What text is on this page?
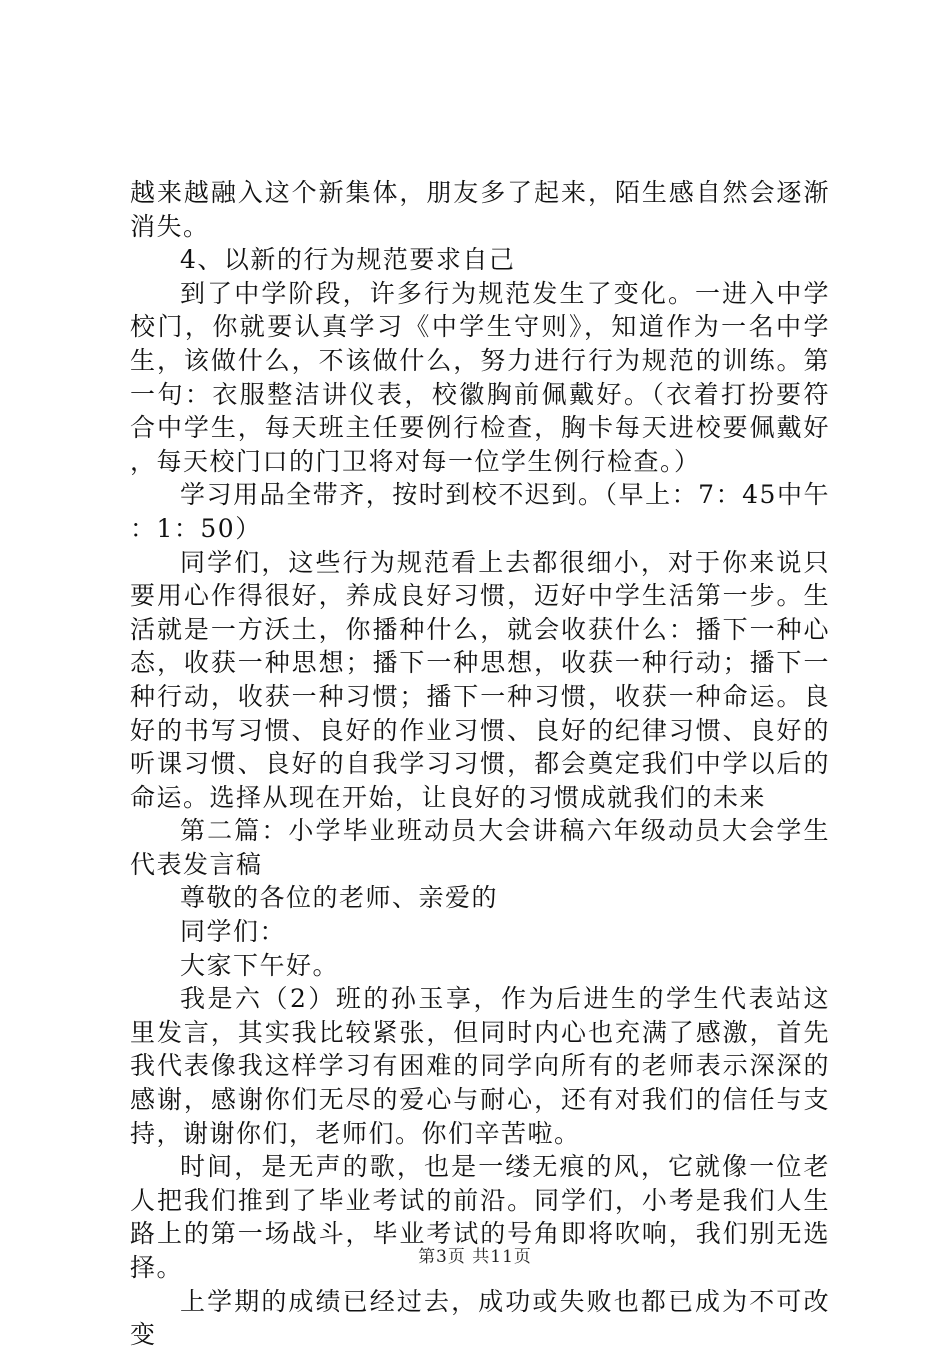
越来越融入这个新集体，朋友多了起来，陌生感自然会逐渐消失。

4、以新的行为规范要求自己

到了中学阶段，许多行为规范发生了变化。一进入中学校门，你就要认真学习《中学生守则》，知道作为一名中学生，该做什么，不该做什么，努力进行行为规范的训练。第一句：衣服整洁讲仪表，校徽胸前佩戴好。（衣着打扮要符合中学生，每天班主任要例行检查，胸卡每天进校要佩戴好，每天校门口的门卫将对每一位学生例行检查。）

学习用品全带齐，按时到校不迟到。（早上：7：45中午：1：50）

同学们，这些行为规范看上去都很细小，对于你来说只要用心作得很好，养成良好习惯，迈好中学生活第一步。生活就是一方沃土，你播种什么，就会收获什么：播下一种心态，收获一种思想；播下一种思想，收获一种行动；播下一种行动，收获一种习惯；播下一种习惯，收获一种命运。良好的书写习惯、良好的作业习惯、良好的纪律习惯、良好的听课习惯、良好的自我学习习惯，都会奠定我们中学以后的命运。选择从现在开始，让良好的习惯成就我们的未来

第二篇：小学毕业班动员大会讲稿六年级动员大会学生代表发言稿

尊敬的各位的老师、亲爱的

同学们：

大家下午好。

我是六（2）班的孙玉享，作为后进生的学生代表站这里发言，其实我比较紧张，但同时内心也充满了感激，首先我代表像我这样学习有困难的同学向所有的老师表示深深的感谢，感谢你们无尽的爱心与耐心，还有对我们的信任与支持，谢谢你们，老师们。你们辛苦啦。

时间，是无声的歌，也是一缕无痕的风，它就像一位老人把我们推到了毕业考试的前沿。同学们，小考是我们人生路上的第一场战斗，毕业考试的号角即将吹响，我们别无选择。

上学期的成绩已经过去，成功或失败也都已成为不可改变

第3页 共11页
